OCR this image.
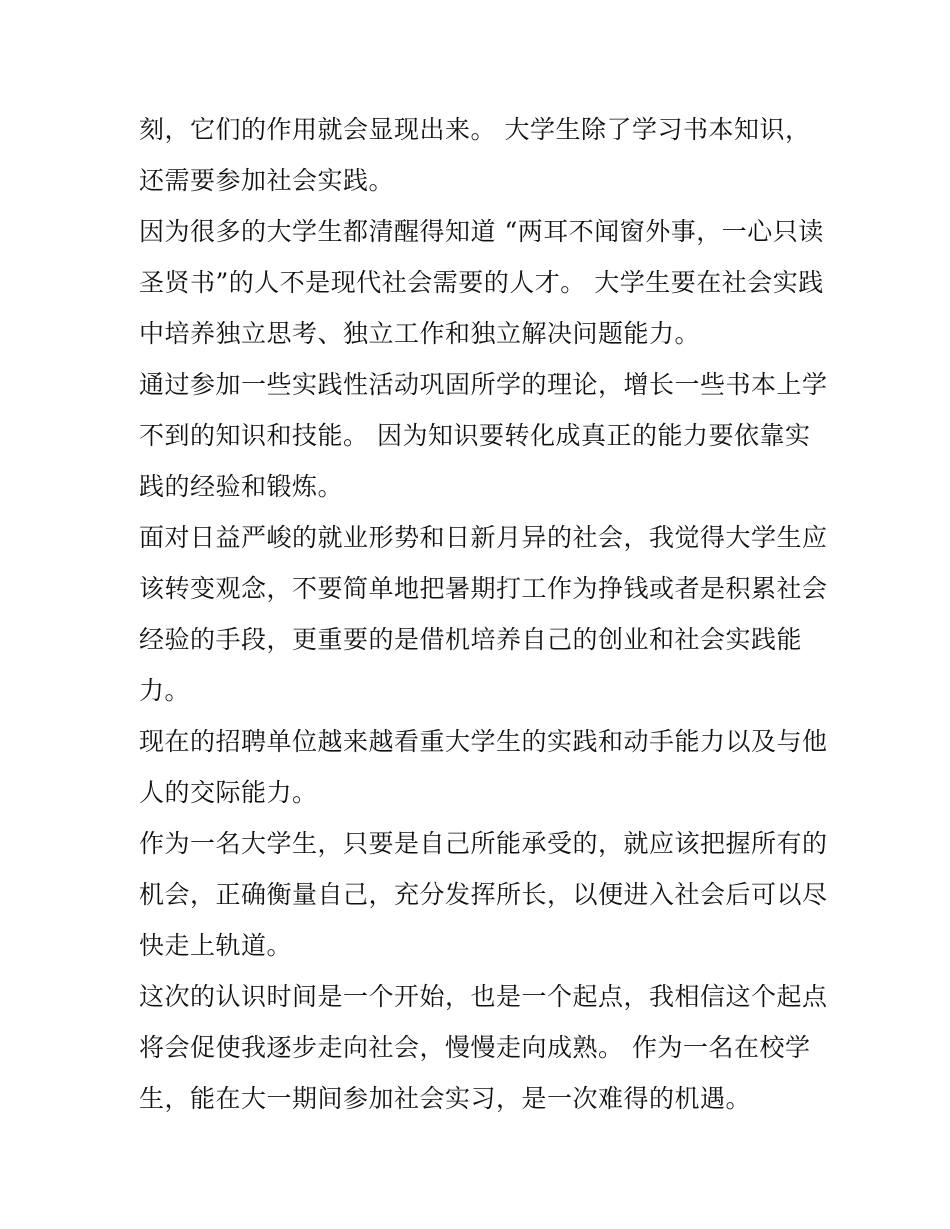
刻，它们的作用就会显现出来。 大学生除了学习书本知识，
还需要参加社会实践。
因为很多的大学生都清醒得知道 “两耳不闻窗外事，一心只读
圣贤书”的人不是现代社会需要的人才。 大学生要在社会实践
中培养独立思考、独立工作和独立解决问题能力。
通过参加一些实践性活动巩固所学的理论，增长一些书本上学
不到的知识和技能。 因为知识要转化成真正的能力要依靠实
践的经验和锻炼。
面对日益严峻的就业形势和日新月异的社会，我觉得大学生应
该转变观念，不要简单地把暑期打工作为挣钱或者是积累社会
经验的手段，更重要的是借机培养自己的创业和社会实践能
力。
现在的招聘单位越来越看重大学生的实践和动手能力以及与他
人的交际能力。
作为一名大学生，只要是自己所能承受的，就应该把握所有的
机会，正确衡量自己，充分发挥所长，以便进入社会后可以尽
快走上轨道。
这次的认识时间是一个开始，也是一个起点，我相信这个起点
将会促使我逐步走向社会，慢慢走向成熟。 作为一名在校学
生，能在大一期间参加社会实习，是一次难得的机遇。
